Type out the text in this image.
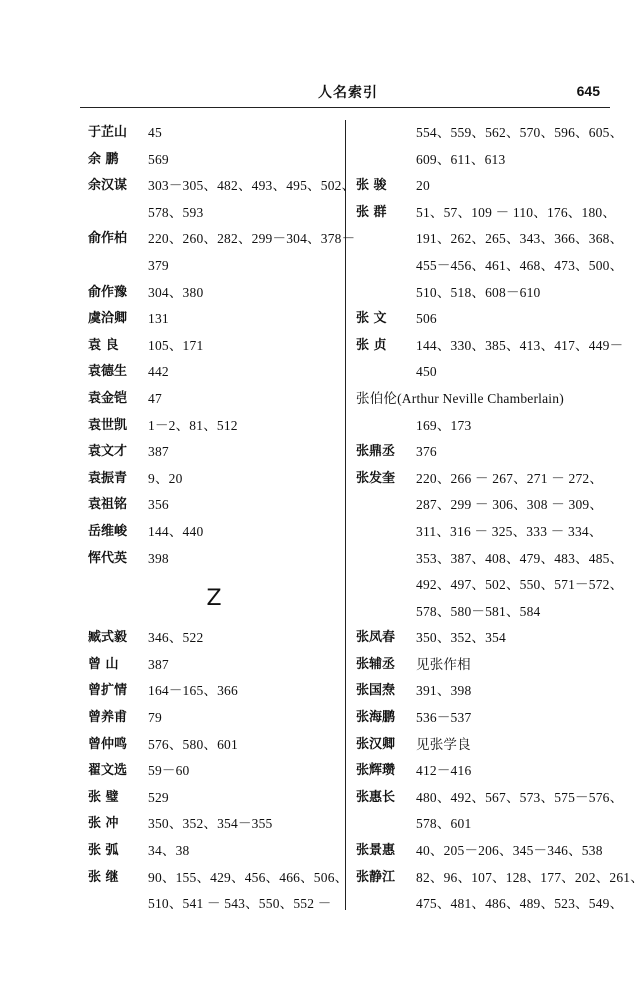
人名索引	645
于芷山 45
余 鹏 569
余汉谋 303－305、482、493、495、502、
578、593
俞作柏 220、260、282、299－304、378－
379
俞作豫 304、380
虞洽卿 131
袁 良 105、171
袁德生 442
袁金铠 47
袁世凯 1－2、81、512
袁文才 387
袁振青 9、20
袁祖铭 356
岳维峻 144、440
恽代英 398
Z
臧式毅 346、522
曾 山 387
曾扩情 164－165、366
曾养甫 79
曾仲鸣 576、580、601
翟文选 59－60
张 璧 529
张 冲 350、352、354－355
张 弧 34、38
张 继 90、155、429、456、466、506、
510、541 － 543、550、552 －
554、559、562、570、596、605、
609、611、613
张 骏 20
张 群 51、57、109 － 110、176、180、
191、262、265、343、366、368、
455－456、461、468、473、500、
510、518、608－610
张 文 506
张 贞 144、330、385、413、417、449－
450
张伯伦(Arthur Neville Chamberlain)
169、173
张鼎丞 376
张发奎 220、266 － 267、271 － 272、
287、299 － 306、308 － 309、
311、316 － 325、333 － 334、
353、387、408、479、483、485、
492、497、502、550、571－572、
578、580－581、584
张凤春 350、352、354
张辅丞 见张作相
张国焘 391、398
张海鹏 536－537
张汉卿 见张学良
张辉瓒 412－416
张惠长 480、492、567、573、575－576、
578、601
张景惠 40、205－206、345－346、538
张静江 82、96、107、128、177、202、261、
475、481、486、489、523、549、
